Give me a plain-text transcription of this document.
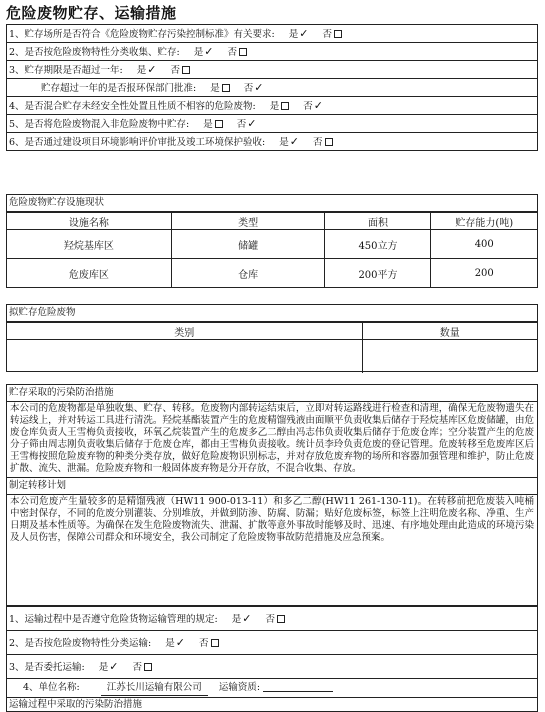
危险废物贮存、运输措施
1、贮存场所是否符合《危险废物贮存污染控制标准》有关要求: 是✓ 否
2、是否按危险废物特性分类收集、贮存: 是✓ 否
3、贮存期限是否超过一年: 是✓ 否
贮存超过一年的是否报环保部门批准: 是	否✓
4、是否混合贮存未经安全性处置且性质不相容的危险废物: 是	否✓
5、是否将危险废物混入非危险废物中贮存: 是	否✓
6、是否通过建设项目环境影响评价审批及竣工环境保护验收: 是✓ 否
危险废物贮存设施现状
设施名称	类型	面积	贮存能力(吨)
羟烷基库区	储罐	450立方	400
危废库区	仓库	200平方	200
拟贮存危险废物
类别	数量

贮存采取的污染防治措施
本公司的危废物都是单独收集、贮存、转移。危废物内部转运结束后，立即对转运路线进行检查和清理，确保无危废物遗失在转运线上，并对转运工具进行清洗。羟烷基酯装置产生的危废精馏残液由面顺平负责收集后储存于羟烷基库区危废储罐，由危废仓库负责人王雪梅负责接收，环氧乙烷装置产生的危废多乙二醇由冯志伟负责收集后储存于危废仓库；空分装置产生的危废分子筛由周志刚负责收集后储存于危废仓库，都由王雪梅负责接收。统计员李玲负责危废的登记管理。危废转移至危废库区后王雪梅按照危险废弃物的种类分类存放，做好危险废物识别标志，并对存放危废弃物的场所和容器加强管理和维护，防止危废扩散、流失、泄漏。危险废弃物和一般固体废弃物是分开存放，不混合收集、存放。
制定转移计划
本公司危废产生量较多的是精馏残液（HW11 900-013-11）和多乙二醇(HW11 261-130-11)。在转移前把危废装入吨桶中密封保存，不同的危废分别灌装、分别堆放，并做到防渗、防腐、防漏；贴好危废标签，标签上注明危废名称、净重、生产日期及基本性质等。为确保在发生危险废物流失、泄漏、扩散等意外事故时能够及时、迅速、有序地处理由此造成的环境污染及人员伤害，保障公司群众和环境安全，我公司制定了危险废物事故防范措施及应急预案。
1、运输过程中是否遵守危险货物运输管理的规定: 是✓ 否
2、是否按危险废物特性分类运输: 是✓ 否
3、是否委托运输: 是✓ 否
4、单位名称:	江苏长川运输有限公司 运输资质:
运输过程中采取的污染防治措施
